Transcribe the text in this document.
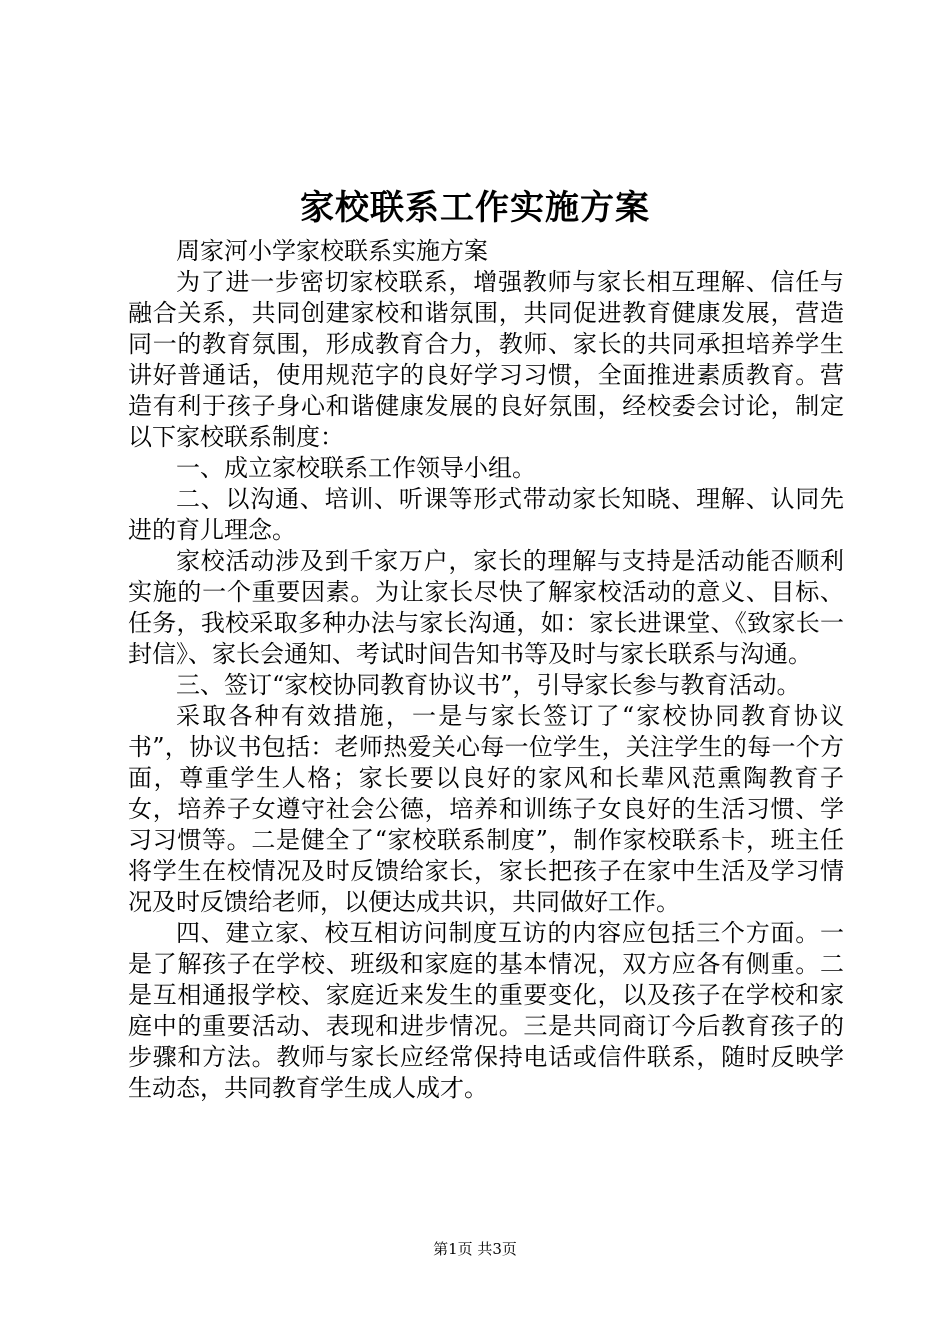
家校联系工作实施方案

周家河小学家校联系实施方案

为了进一步密切家校联系，增强教师与家长相互理解、信任与融合关系，共同创建家校和谐氛围，共同促进教育健康发展，营造同一的教育氛围，形成教育合力，教师、家长的共同承担培养学生讲好普通话，使用规范字的良好学习习惯，全面推进素质教育。营造有利于孩子身心和谐健康发展的良好氛围，经校委会讨论，制定以下家校联系制度：

一、成立家校联系工作领导小组。

二、以沟通、培训、听课等形式带动家长知晓、理解、认同先进的育儿理念。

家校活动涉及到千家万户，家长的理解与支持是活动能否顺利实施的一个重要因素。为让家长尽快了解家校活动的意义、目标、任务，我校采取多种办法与家长沟通，如：家长进课堂、《致家长一封信》、家长会通知、考试时间告知书等及时与家长联系与沟通。

三、签订“家校协同教育协议书”，引导家长参与教育活动。

采取各种有效措施，一是与家长签订了“家校协同教育协议书”，协议书包括：老师热爱关心每一位学生，关注学生的每一个方面，尊重学生人格；家长要以良好的家风和长辈风范熏陶教育子女，培养子女遵守社会公德，培养和训练子女良好的生活习惯、学习习惯等。二是健全了“家校联系制度”，制作家校联系卡，班主任将学生在校情况及时反馈给家长，家长把孩子在家中生活及学习情况及时反馈给老师，以便达成共识，共同做好工作。

四、建立家、校互相访问制度互访的内容应包括三个方面。一是了解孩子在学校、班级和家庭的基本情况，双方应各有侧重。二是互相通报学校、家庭近来发生的重要变化，以及孩子在学校和家庭中的重要活动、表现和进步情况。三是共同商订今后教育孩子的步骤和方法。教师与家长应经常保持电话或信件联系，随时反映学生动态，共同教育学生成人成才。

第1页 共3页
